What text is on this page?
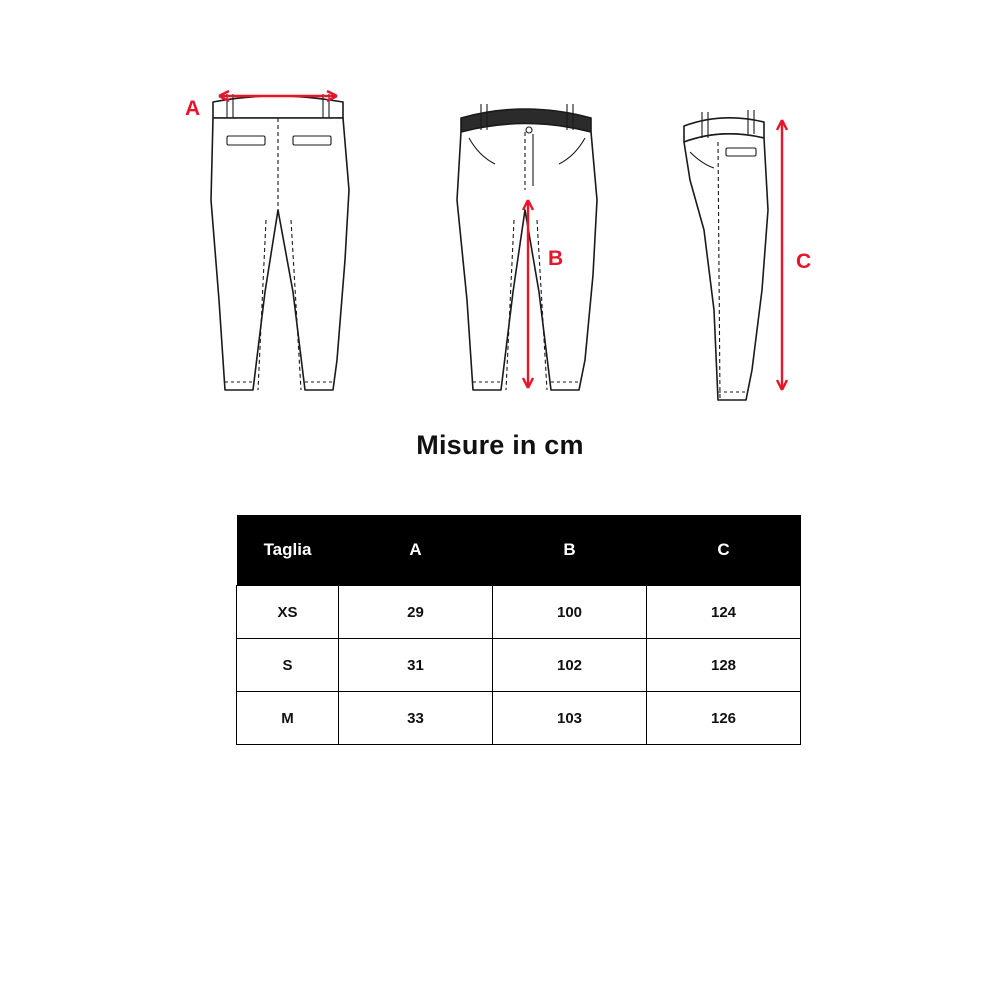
A
B	C
Misure in cm
Taglia	A	B	C
XS	29	100	124
S	31	102	128
M	33	103	126
